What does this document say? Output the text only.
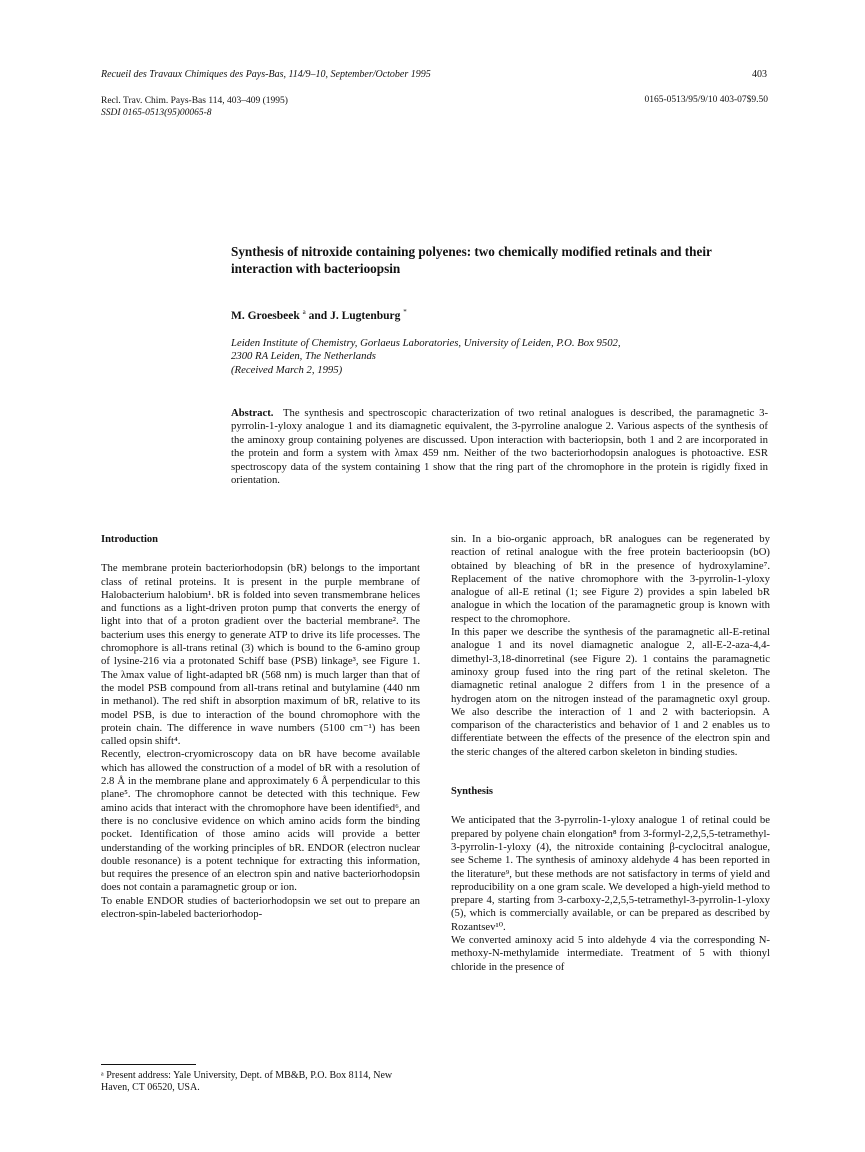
Recueil des Travaux Chimiques des Pays-Bas, 114/9–10, September/October 1995	403
Recl. Trav. Chim. Pays-Bas 114, 403–409 (1995)
SSDI 0165-0513(95)00065-8
0165-0513/95/9/10 403-07$9.50
Synthesis of nitroxide containing polyenes: two chemically modified retinals and their interaction with bacterioopsin
M. Groesbeek $^a$ and J. Lugtenburg *
Leiden Institute of Chemistry, Gorlaeus Laboratories, University of Leiden, P.O. Box 9502,
2300 RA Leiden, The Netherlands
(Received March 2, 1995)
Abstract. The synthesis and spectroscopic characterization of two retinal analogues is described, the paramagnetic 3-pyrrolin-1-yloxy analogue 1 and its diamagnetic equivalent, the 3-pyrroline analogue 2. Various aspects of the synthesis of the aminoxy group containing polyenes are discussed. Upon interaction with bacteriopsin, both 1 and 2 are incorporated in the protein and form a system with λmax 459 nm. Neither of the two bacteriorhodopsin analogues is photoactive. ESR spectroscopy data of the system containing 1 show that the ring part of the chromophore in the protein is rigidly fixed in orientation.
Introduction

The membrane protein bacteriorhodopsin (bR) belongs to the important class of retinal proteins. It is present in the purple membrane of Halobacterium halobium¹. bR is folded into seven transmembrane helices and functions as a light-driven proton pump that converts the energy of light into that of a proton gradient over the bacterial membrane². The bacterium uses this energy to generate ATP to drive its life processes. The chromophore is all-trans retinal (3) which is bound to the 6-amino group of lysine-216 via a protonated Schiff base (PSB) linkage³, see Figure 1. The λmax value of light-adapted bR (568 nm) is much larger than that of the model PSB compound from all-trans retinal and butylamine (440 nm in methanol). The red shift in absorption maximum of bR, relative to its model PSB, is due to interaction of the bound chromophore with the protein chain. The difference in wave numbers (5100 cm⁻¹) has been called opsin shift⁴.

Recently, electron-cryomicroscopy data on bR have become available which has allowed the construction of a model of bR with a resolution of 2.8 Å in the membrane plane and approximately 6 Å perpendicular to this plane⁵. The chromophore cannot be detected with this technique. Few amino acids that interact with the chromophore have been identified⁶, and there is no conclusive evidence on which amino acids form the binding pocket. Identification of those amino acids will provide a better understanding of the working principles of bR. ENDOR (electron nuclear double resonance) is a potent technique for extracting this information, but requires the presence of an electron spin and native bacteriorhodopsin does not contain a paramagnetic group or ion.

To enable ENDOR studies of bacteriorhodopsin we set out to prepare an electron-spin-labeled bacteriorhodop-

sin. In a bio-organic approach, bR analogues can be regenerated by reaction of retinal analogue with the free protein bacterioopsin (bO) obtained by bleaching of bR in the presence of hydroxylamine⁷. Replacement of the native chromophore with the 3-pyrrolin-1-yloxy analogue of all-E retinal (1; see Figure 2) provides a spin labeled bR analogue in which the location of the paramagnetic group is known with respect to the chromophore.

In this paper we describe the synthesis of the paramagnetic all-E-retinal analogue 1 and its novel diamagnetic analogue 2, all-E-2-aza-4,4-dimethyl-3,18-dinorretinal (see Figure 2). 1 contains the paramagnetic aminoxy group fused into the ring part of the retinal skeleton. The diamagnetic retinal analogue 2 differs from 1 in the presence of a hydrogen atom on the nitrogen instead of the paramagnetic oxyl group. We also describe the interaction of 1 and 2 with bacteriopsin. A comparison of the characteristics and behavior of 1 and 2 enables us to differentiate between the effects of the presence of the electron spin and the steric changes of the altered carbon skeleton in binding studies.

Synthesis

We anticipated that the 3-pyrrolin-1-yloxy analogue 1 of retinal could be prepared by polyene chain elongation⁸ from 3-formyl-2,2,5,5-tetramethyl-3-pyrrolin-1-yloxy (4), the nitroxide containing β-cyclocitral analogue, see Scheme 1. The synthesis of aminoxy aldehyde 4 has been reported in the literature⁹, but these methods are not satisfactory in terms of yield and reproducibility on a one gram scale. We developed a high-yield method to prepare 4, starting from 3-carboxy-2,2,5,5-tetramethyl-3-pyrrolin-1-yloxy (5), which is commercially available, or can be prepared as described by Rozantsev¹⁰.

We converted aminoxy acid 5 into aldehyde 4 via the corresponding N-methoxy-N-methylamide intermediate. Treatment of 5 with thionyl chloride in the presence of

ᵃ Present address: Yale University, Dept. of MB&B, P.O. Box 8114, New Haven, CT 06520, USA.
